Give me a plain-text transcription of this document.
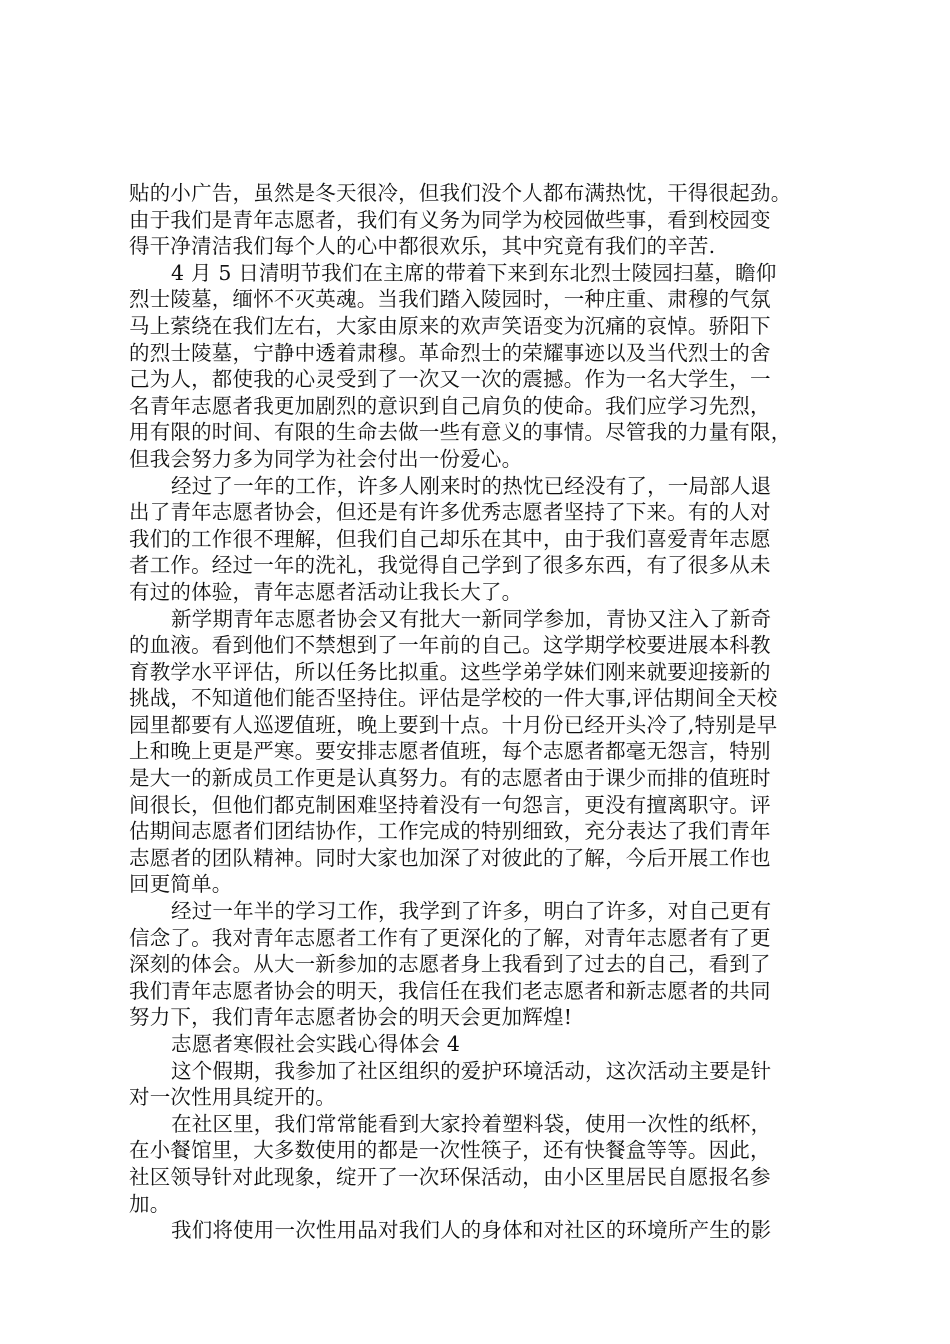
贴的小广告，虽然是冬天很冷，但我们没个人都布满热忱，干得很起劲。
由于我们是青年志愿者，我们有义务为同学为校园做些事，看到校园变
得干净清洁我们每个人的心中都很欢乐，其中究竟有我们的辛苦.
4 月 5 日清明节我们在主席的带着下来到东北烈士陵园扫墓，瞻仰
烈士陵墓，缅怀不灭英魂。当我们踏入陵园时，一种庄重、肃穆的气氛
马上萦绕在我们左右，大家由原来的欢声笑语变为沉痛的哀悼。骄阳下
的烈士陵墓，宁静中透着肃穆。革命烈士的荣耀事迹以及当代烈士的舍
己为人，都使我的心灵受到了一次又一次的震撼。作为一名大学生，一
名青年志愿者我更加剧烈的意识到自己肩负的使命。我们应学习先烈，
用有限的时间、有限的生命去做一些有意义的事情。尽管我的力量有限，
但我会努力多为同学为社会付出一份爱心。
经过了一年的工作，许多人刚来时的热忱已经没有了，一局部人退
出了青年志愿者协会，但还是有许多优秀志愿者坚持了下来。有的人对
我们的工作很不理解，但我们自己却乐在其中，由于我们喜爱青年志愿
者工作。经过一年的洗礼，我觉得自己学到了很多东西，有了很多从未
有过的体验，青年志愿者活动让我长大了。
新学期青年志愿者协会又有批大一新同学参加，青协又注入了新奇
的血液。看到他们不禁想到了一年前的自己。这学期学校要进展本科教
育教学水平评估，所以任务比拟重。这些学弟学妹们刚来就要迎接新的
挑战，不知道他们能否坚持住。评估是学校的一件大事,评估期间全天校
园里都要有人巡逻值班，晚上要到十点。十月份已经开头冷了,特别是早
上和晚上更是严寒。要安排志愿者值班，每个志愿者都毫无怨言，特别
是大一的新成员工作更是认真努力。有的志愿者由于课少而排的值班时
间很长，但他们都克制困难坚持着没有一句怨言，更没有擅离职守。评
估期间志愿者们团结协作，工作完成的特别细致，充分表达了我们青年
志愿者的团队精神。同时大家也加深了对彼此的了解，今后开展工作也
回更简单。
经过一年半的学习工作，我学到了许多，明白了许多，对自己更有
信念了。我对青年志愿者工作有了更深化的了解，对青年志愿者有了更
深刻的体会。从大一新参加的志愿者身上我看到了过去的自己，看到了
我们青年志愿者协会的明天，我信任在我们老志愿者和新志愿者的共同
努力下，我们青年志愿者协会的明天会更加辉煌!
志愿者寒假社会实践心得体会 4
这个假期，我参加了社区组织的爱护环境活动，这次活动主要是针
对一次性用具绽开的。
在社区里，我们常常能看到大家拎着塑料袋，使用一次性的纸杯，
在小餐馆里，大多数使用的都是一次性筷子，还有快餐盒等等。因此，
社区领导针对此现象，绽开了一次环保活动，由小区里居民自愿报名参
加。
我们将使用一次性用品对我们人的身体和对社区的环境所产生的影
